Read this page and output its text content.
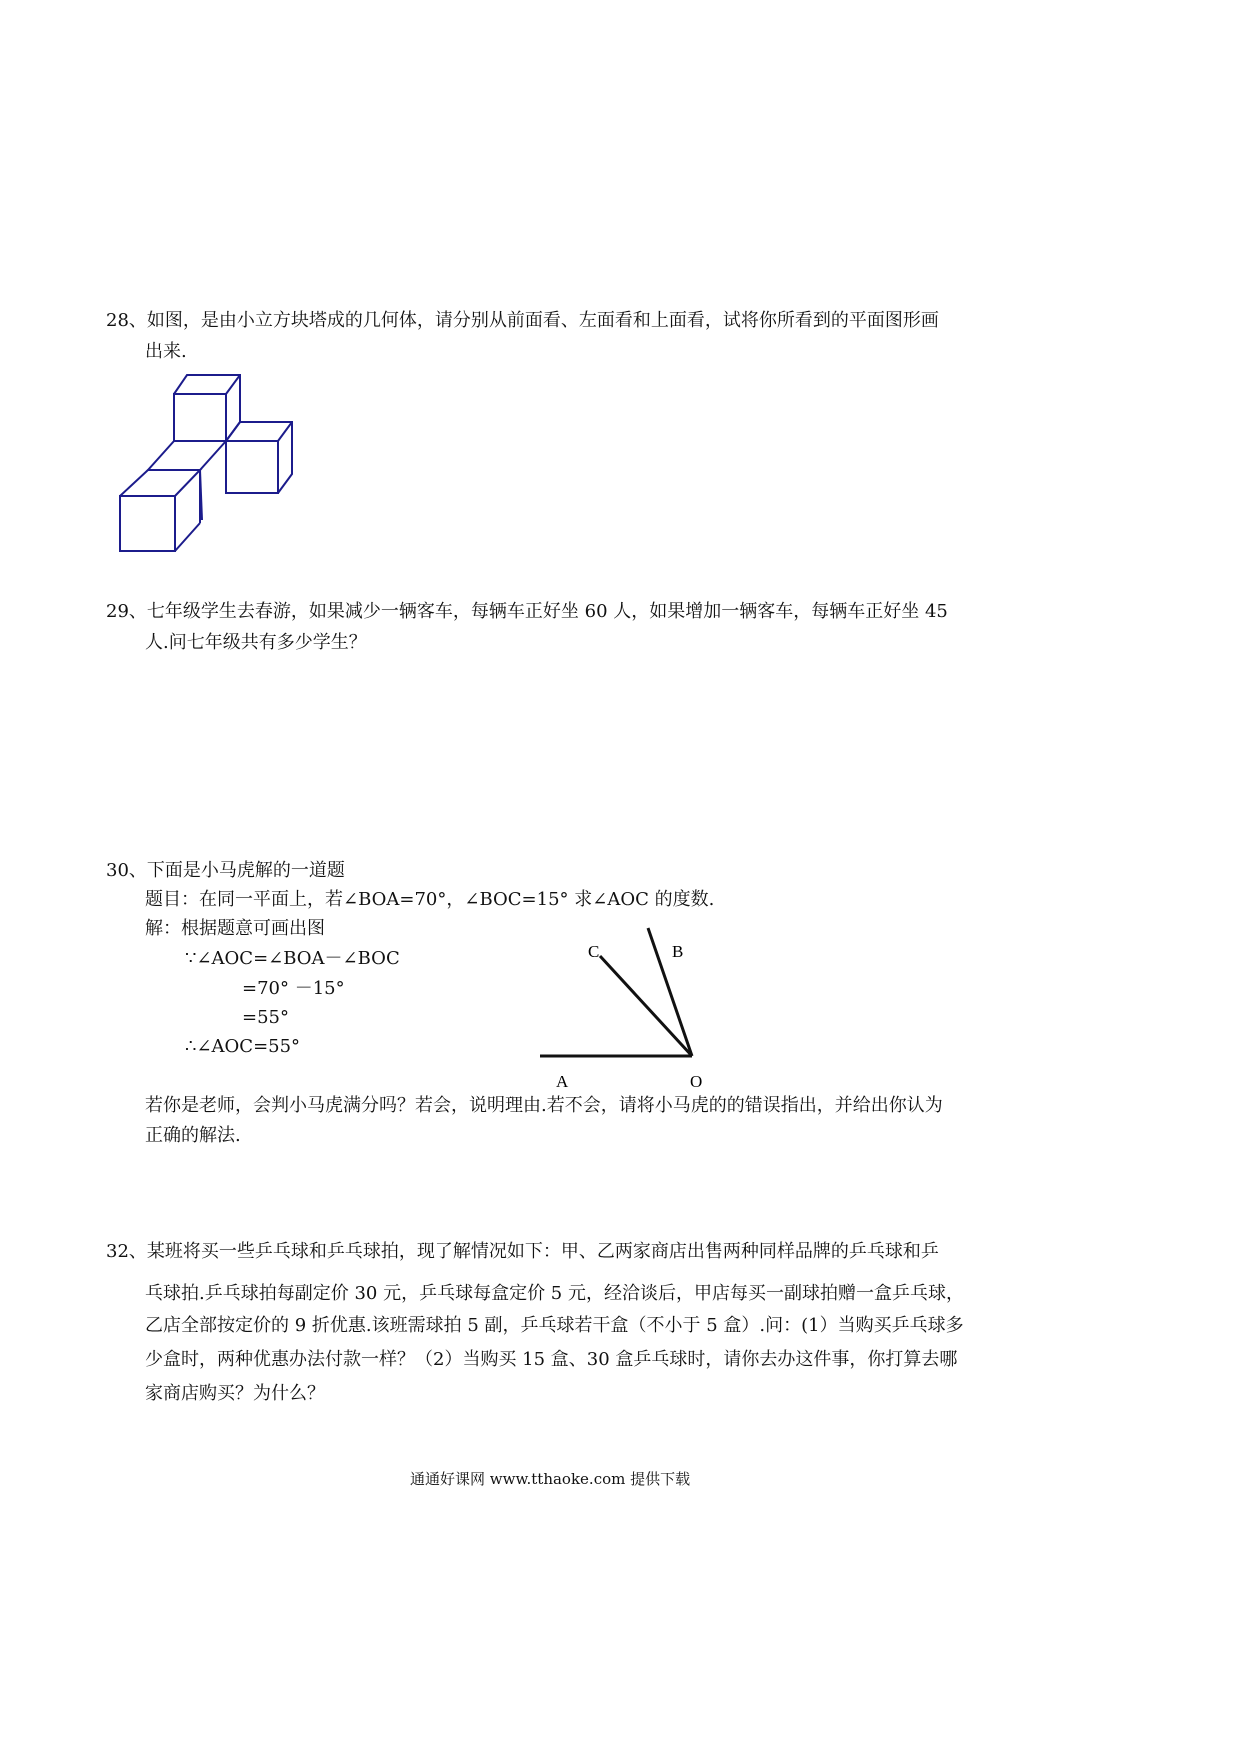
28、如图，是由小立方块塔成的几何体，请分别从前面看、左面看和上面看，试将你所看到的平面图形画
出来.
29、七年级学生去春游，如果减少一辆客车，每辆车正好坐 60 人，如果增加一辆客车，每辆车正好坐 45
人.问七年级共有多少学生？
30、下面是小马虎解的一道题
题目：在同一平面上，若∠BOA=70°，∠BOC=15° 求∠AOC 的度数.
解：根据题意可画出图
∵∠AOC=∠BOA－∠BOC
=70° －15°
=55°
∴∠AOC=55°
A	O
B
C
若你是老师，会判小马虎满分吗？若会，说明理由.若不会，请将小马虎的的错误指出，并给出你认为
正确的解法.
32、某班将买一些乒乓球和乒乓球拍，现了解情况如下：甲、乙两家商店出售两种同样品牌的乒乓球和乒
乓球拍.乒乓球拍每副定价 30 元，乒乓球每盒定价 5 元，经洽谈后，甲店每买一副球拍赠一盒乒乓球，
乙店全部按定价的 9 折优惠.该班需球拍 5 副，乒乓球若干盒（不小于 5 盒）.问：(1）当购买乒乓球多
少盒时，两种优惠办法付款一样？（2）当购买 15 盒、30 盒乒乓球时，请你去办这件事，你打算去哪
家商店购买？为什么？
通通好课网 www.tthaoke.com 提供下载
